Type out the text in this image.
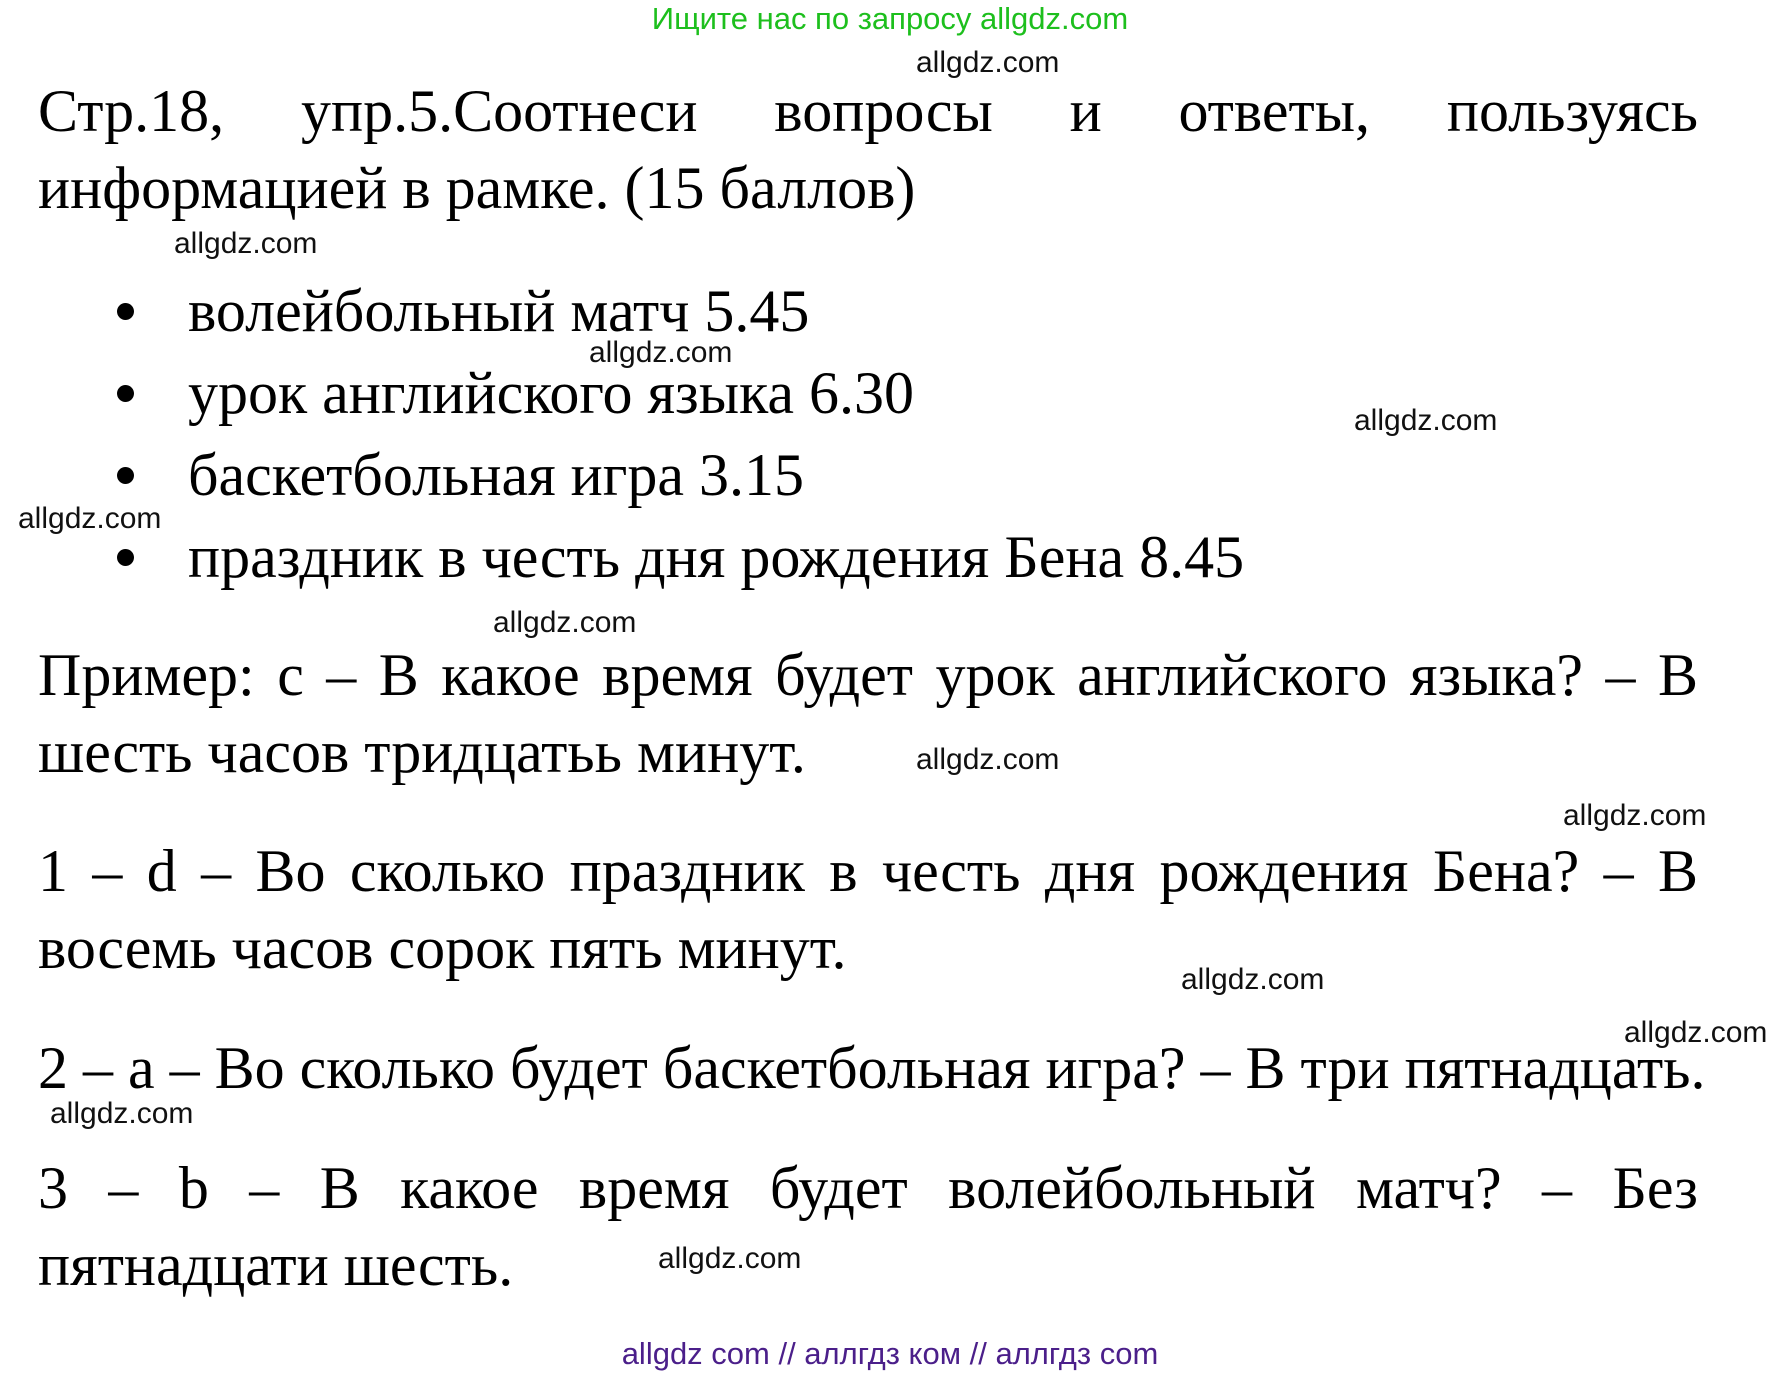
Ищите нас по запросу allgdz.com

Стр.18, упр.5.Соотнеси вопросы и ответы, пользуясь информацией в рамке. (15 баллов)

волейбольный матч 5.45
урок английского языка 6.30
баскетбольная игра 3.15
праздник в честь дня рождения Бена 8.45

Пример: c – В какое время будет урок английского языка? – В шесть часов тридцатьь минут.

1 – d – Во сколько праздник в честь дня рождения Бена? – В восемь часов сорок пять минут.

2 – a – Во сколько будет баскетбольная игра? – В три пятнадцать.

3 – b – В какое время будет волейбольный матч? – Без пятнадцати шесть.

allgdz.com
allgdz.com
allgdz.com
allgdz.com
allgdz.com
allgdz.com
allgdz.com
allgdz.com
allgdz.com
allgdz.com
allgdz.com
allgdz.com
allgdz com // аллгдз ком // аллгдз com
